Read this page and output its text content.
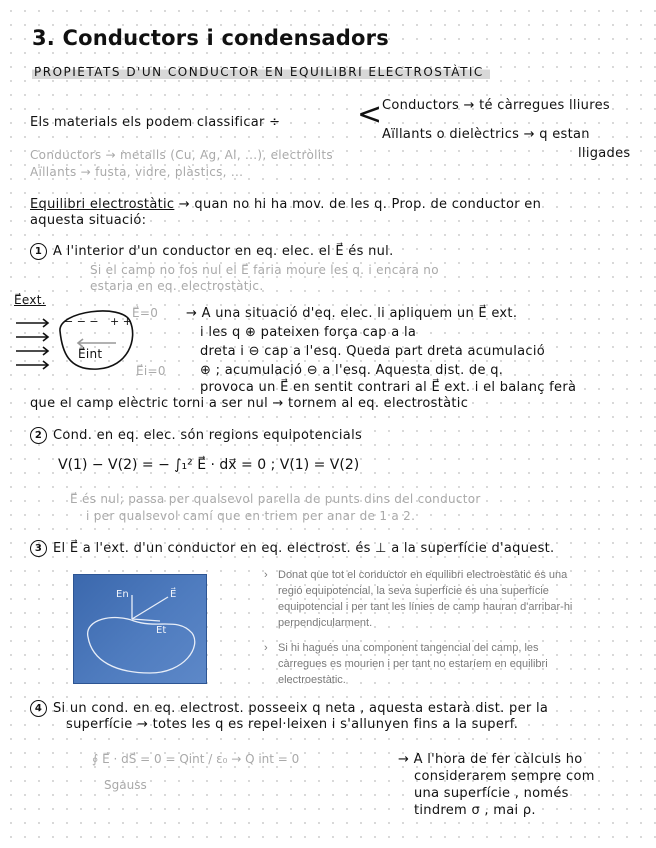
3. Conductors i condensadors
PROPIETATS D'UN CONDUCTOR EN EQUILIBRI ELECTROSTÀTIC
Els materials els podem classificar ÷	< Conductors → té càrregues lliures
Aïllants o dielèctrics → q estan
lligades
Conductors → metalls (Cu, Ag, Al, ...), electròlits
Aïllants → fusta, vidre, plàstics, ...
Equilibri electrostàtic → quan no hi ha mov. de les q. Prop. de conductor en
aquesta situació:
1 A l'interior d'un conductor en eq. elec. el E⃗ és nul.
Si el camp no fos nul el E⃗ faria moure les q. i encara no
estaria en eq. electrostàtic.
− − − + +
E⃗ext.
E⃗int
E⃗=0
E⃗i=0
→ A una situació d'eq. elec. li apliquem un E⃗ ext.
i les q ⊕ pateixen força cap a la
dreta i ⊖ cap a l'esq. Queda part dreta acumulació
⊕ ; acumulació ⊖ a l'esq. Aquesta dist. de q.
provoca un E⃗ en sentit contrari al E⃗ ext. i el balanç ferà
que el camp elèctric torni a ser nul → tornem al eq. electrostàtic
2 Cond. en eq. elec. són regions equipotencials
V(1) − V(2) = − ∫₁² E⃗ · dx⃗ = 0 ; V(1) = V(2)
E⃗ és nul; passa per qualsevol parella de punts dins del conductor
i per qualsevol camí que en triem per anar de 1 a 2.
3 El E⃗ a l'ext. d'un conductor en eq. electrost. és ⊥ a la superfície d'aquest.
En	E⃗
Et

› Donat que tot el conductor en equilibri electroestàtic és una regió equipotencial, la seva superfície és una superfície equipotencial i per tant les línies de camp hauran d'arribar-hi perpendicularment.

› Si hi hagués una component tangencial del camp, les càrregues es mourien i per tant no estaríem en equilibri electroestàtic.

4 Si un cond. en eq. electrost. posseeix q neta , aquesta estarà dist. per la
superfície → totes les q es repel·leixen i s'allunyen fins a la superf.
∮ E⃗ · dS⃗ = 0 = Qint / ε₀ → Q int = 0
Sgauss
→ A l'hora de fer càlculs ho
considerarem sempre com
una superfície , només
tindrem σ , mai ρ.
